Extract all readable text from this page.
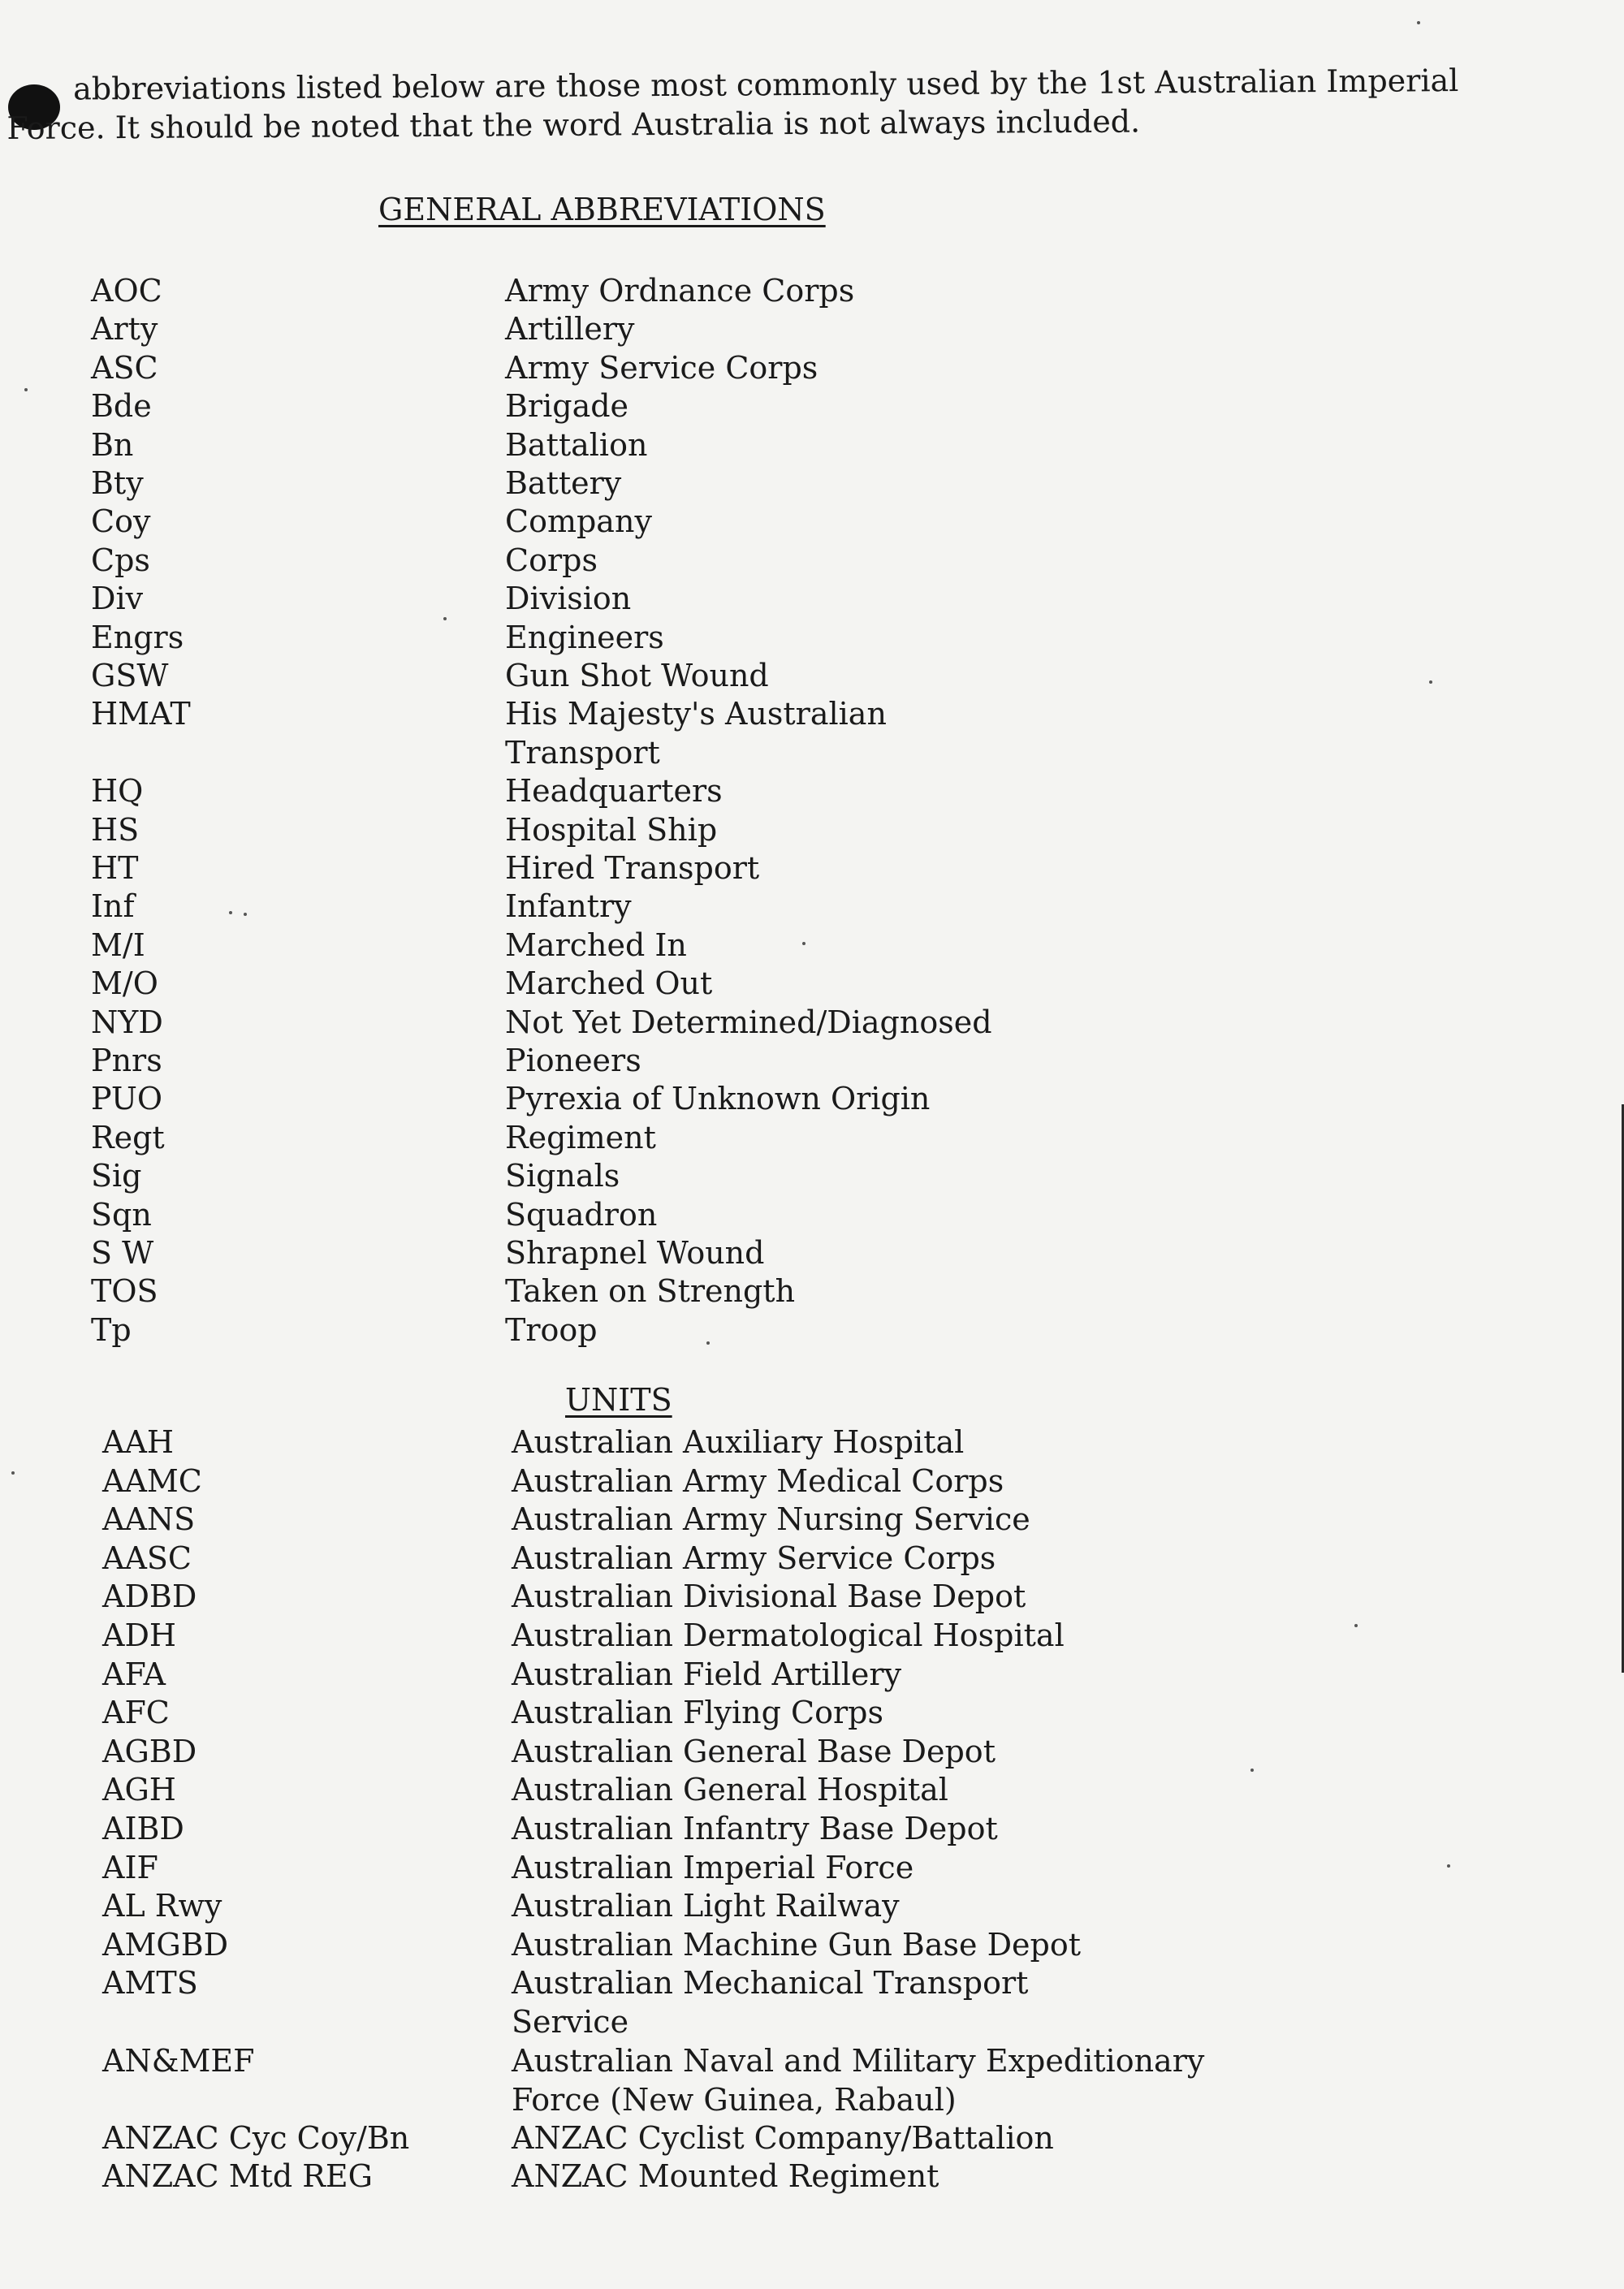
abbreviations listed below are those most commonly used by the 1st Australian Imperial
Force. It should be noted that the word Australia is not always included.
GENERAL ABBREVIATIONS
AOC	Army Ordnance Corps
Arty	Artillery
ASC	Army Service Corps
Bde	Brigade
Bn	Battalion
Bty	Battery
Coy	Company
Cps	Corps
Div	Division
Engrs	Engineers
GSW	Gun Shot Wound
HMAT	His Majesty's Australian
Transport
HQ	Headquarters
HS	Hospital Ship
HT	Hired Transport
Inf	Infantry
M/I	Marched In
M/O	Marched Out
NYD	Not Yet Determined/Diagnosed
Pnrs	Pioneers
PUO	Pyrexia of Unknown Origin
Regt	Regiment
Sig	Signals
Sqn	Squadron
S W	Shrapnel Wound
TOS	Taken on Strength
Tp	Troop
UNITS
AAH	Australian Auxiliary Hospital
AAMC	Australian Army Medical Corps
AANS	Australian Army Nursing Service
AASC	Australian Army Service Corps
ADBD	Australian Divisional Base Depot
ADH	Australian Dermatological Hospital
AFA	Australian Field Artillery
AFC	Australian Flying Corps
AGBD	Australian General Base Depot
AGH	Australian General Hospital
AIBD	Australian Infantry Base Depot
AIF	Australian Imperial Force
AL Rwy	Australian Light Railway
AMGBD	Australian Machine Gun Base Depot
AMTS	Australian Mechanical Transport
Service
AN&MEF	Australian Naval and Military Expeditionary
Force (New Guinea, Rabaul)
ANZAC Cyc Coy/Bn	ANZAC Cyclist Company/Battalion
ANZAC Mtd REG	ANZAC Mounted Regiment
